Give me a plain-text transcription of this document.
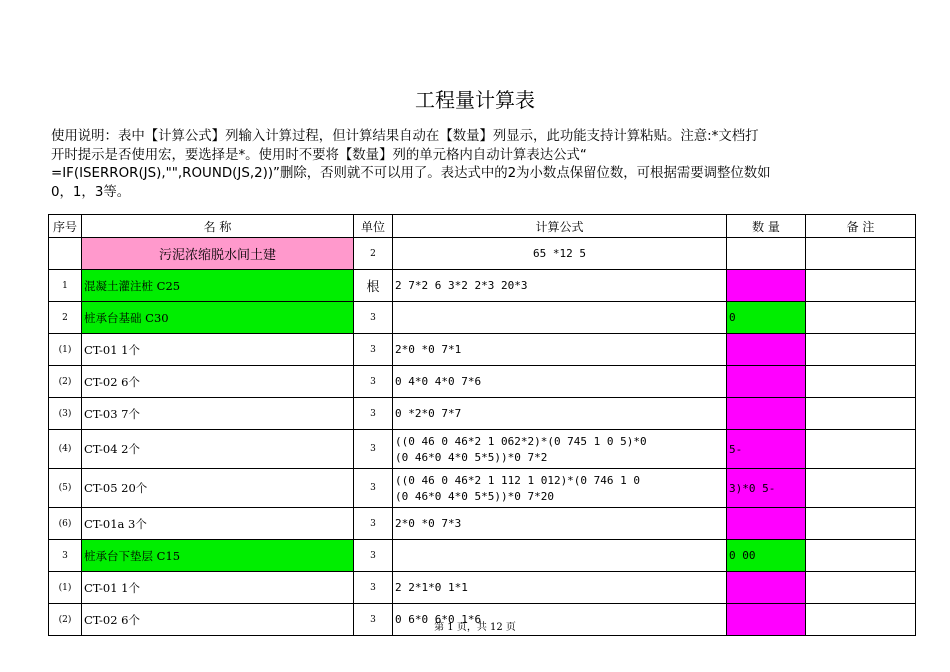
工程量计算表
使用说明：表中【计算公式】列输入计算过程，但计算结果自动在【数量】列显示，此功能支持计算粘贴。注意:*文档打
开时提示是否使用宏，要选择是*。使用时不要将【数量】列的单元格内自动计算表达公式“
=IF(ISERROR(JS),"",ROUND(JS,2))”删除，否则就不可以用了。表达式中的2为小数点保留位数，可根据需要调整位数如
0，1，3等。
序号	名 称	单位	计算公式	数 量	备 注
	污泥浓缩脱水间土建	2	65 *12 5		
1	混凝土灌注桩 C25	根	2 7*2 6 3*2 2*3 20*3		
2	桩承台基础 C30	3		0	
(1)	CT-01 1个	3	2*0 *0 7*1		
(2)	CT-02 6个	3	0 4*0 4*0 7*6		
(3)	CT-03 7个	3	0 *2*0 7*7		
(4)	CT-04 2个	3	((0 46 0 46*2 1 062*2)*(0 745 1 0 5)*0
(0 46*0 4*0 5*5))*0 7*2	5-	
(5)	CT-05 20个	3	((0 46 0 46*2 1 112 1 012)*(0 746 1 0
(0 46*0 4*0 5*5))*0 7*20	3)*0 5-	
(6)	CT-01a 3个	3	2*0 *0 7*3		
3	桩承台下垫层 C15	3		0 00	
(1)	CT-01 1个	3	2 2*1*0 1*1		
(2)	CT-02 6个	3	0 6*0 6*0 1*6		
第 1 页，共 12 页
